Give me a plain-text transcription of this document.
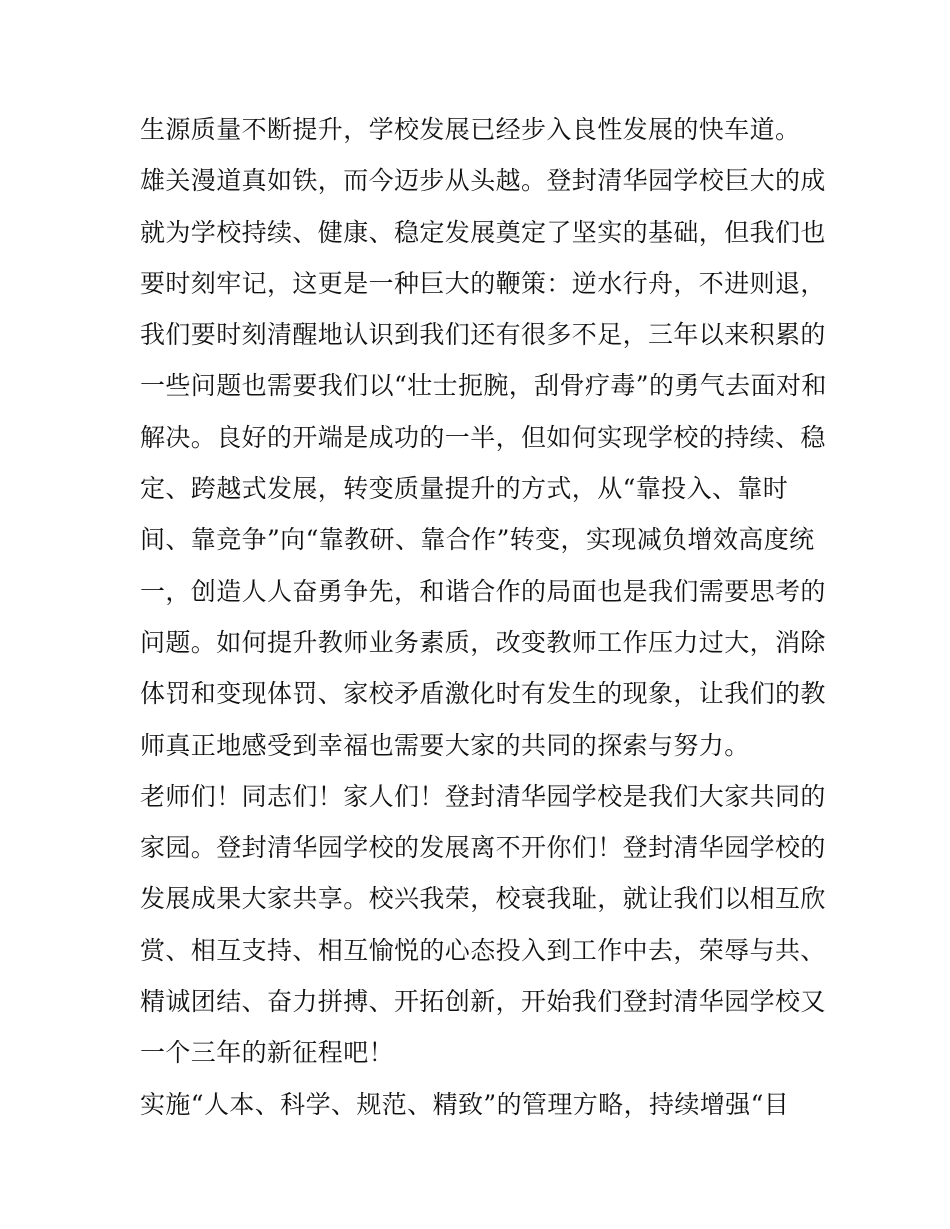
生源质量不断提升，学校发展已经步入良性发展的快车道。
雄关漫道真如铁，而今迈步从头越。登封清华园学校巨大的成
就为学校持续、健康、稳定发展奠定了坚实的基础，但我们也
要时刻牢记，这更是一种巨大的鞭策：逆水行舟，不进则退，
我们要时刻清醒地认识到我们还有很多不足，三年以来积累的
一些问题也需要我们以“壮士扼腕，刮骨疗毒”的勇气去面对和
解决。良好的开端是成功的一半，但如何实现学校的持续、稳
定、跨越式发展，转变质量提升的方式，从“靠投入、靠时
间、靠竞争”向“靠教研、靠合作”转变，实现减负增效高度统
一，创造人人奋勇争先，和谐合作的局面也是我们需要思考的
问题。如何提升教师业务素质，改变教师工作压力过大，消除
体罚和变现体罚、家校矛盾激化时有发生的现象，让我们的教
师真正地感受到幸福也需要大家的共同的探索与努力。
老师们！同志们！家人们！登封清华园学校是我们大家共同的
家园。登封清华园学校的发展离不开你们！登封清华园学校的
发展成果大家共享。校兴我荣，校衰我耻，就让我们以相互欣
赏、相互支持、相互愉悦的心态投入到工作中去，荣辱与共、
精诚团结、奋力拼搏、开拓创新，开始我们登封清华园学校又
一个三年的新征程吧！
实施“人本、科学、规范、精致”的管理方略，持续增强“目
